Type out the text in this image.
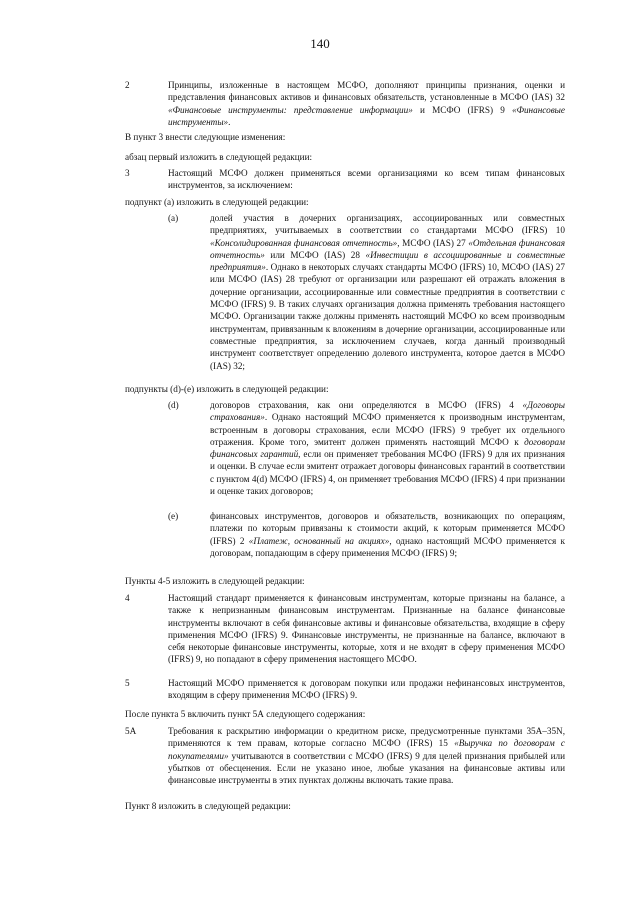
140
2	Принципы, изложенные в настоящем МСФО, дополняют принципы признания, оценки и представления финансовых активов и финансовых обязательств, установленные в МСФО (IAS) 32 «Финансовые инструменты: представление информации» и МСФО (IFRS) 9 «Финансовые инструменты».
В пункт 3 внести следующие изменения:
абзац первый изложить в следующей редакции:
3	Настоящий МСФО должен применяться всеми организациями ко всем типам финансовых инструментов, за исключением:
подпункт (а) изложить в следующей редакции:
(a)	долей участия в дочерних организациях, ассоциированных или совместных предприятиях, учитываемых в соответствии со стандартами МСФО (IFRS) 10 «Консолидированная финансовая отчетность», МСФО (IAS) 27 «Отдельная финансовая отчетность» или МСФО (IAS) 28 «Инвестиции в ассоциированные и совместные предприятия». Однако в некоторых случаях стандарты МСФО (IFRS) 10, МСФО (IAS) 27 или МСФО (IAS) 28 требуют от организации или разрешают ей отражать вложения в дочерние организации, ассоциированные или совместные предприятия в соответствии с МСФО (IFRS) 9. В таких случаях организация должна применять требования настоящего МСФО. Организации также должны применять настоящий МСФО ко всем производным инструментам, привязанным к вложениям в дочерние организации, ассоциированные или совместные предприятия, за исключением случаев, когда данный производный инструмент соответствует определению долевого инструмента, которое дается в МСФО (IAS) 32;
подпункты (d)-(e) изложить в следующей редакции:
(d)	договоров страхования, как они определяются в МСФО (IFRS) 4 «Договоры страхования». Однако настоящий МСФО применяется к производным инструментам, встроенным в договоры страхования, если МСФО (IFRS) 9 требует их отдельного отражения. Кроме того, эмитент должен применять настоящий МСФО к договорам финансовых гарантий, если он применяет требования МСФО (IFRS) 9 для их признания и оценки. В случае если эмитент отражает договоры финансовых гарантий в соответствии с пунктом 4(d) МСФО (IFRS) 4, он применяет требования МСФО (IFRS) 4 при признании и оценке таких договоров;
(e)	финансовых инструментов, договоров и обязательств, возникающих по операциям, платежи по которым привязаны к стоимости акций, к которым применяется МСФО (IFRS) 2 «Платеж, основанный на акциях», однако настоящий МСФО применяется к договорам, попадающим в сферу применения МСФО (IFRS) 9;
Пункты 4-5 изложить в следующей редакции:
4	Настоящий стандарт применяется к финансовым инструментам, которые признаны на балансе, а также к непризнанным финансовым инструментам. Признанные на балансе финансовые инструменты включают в себя финансовые активы и финансовые обязательства, входящие в сферу применения МСФО (IFRS) 9. Финансовые инструменты, не признанные на балансе, включают в себя некоторые финансовые инструменты, которые, хотя и не входят в сферу применения МСФО (IFRS) 9, но попадают в сферу применения настоящего МСФО.
5	Настоящий МСФО применяется к договорам покупки или продажи нефинансовых инструментов, входящим в сферу применения МСФО (IFRS) 9.
После пункта 5 включить пункт 5А следующего содержания:
5A	Требования к раскрытию информации о кредитном риске, предусмотренные пунктами 35А–35N, применяются к тем правам, которые согласно МСФО (IFRS) 15 «Выручка по договорам с покупателями» учитываются в соответствии с МСФО (IFRS) 9 для целей признания прибылей или убытков от обесценения. Если не указано иное, любые указания на финансовые активы или финансовые инструменты в этих пунктах должны включать такие права.
Пункт 8 изложить в следующей редакции:
